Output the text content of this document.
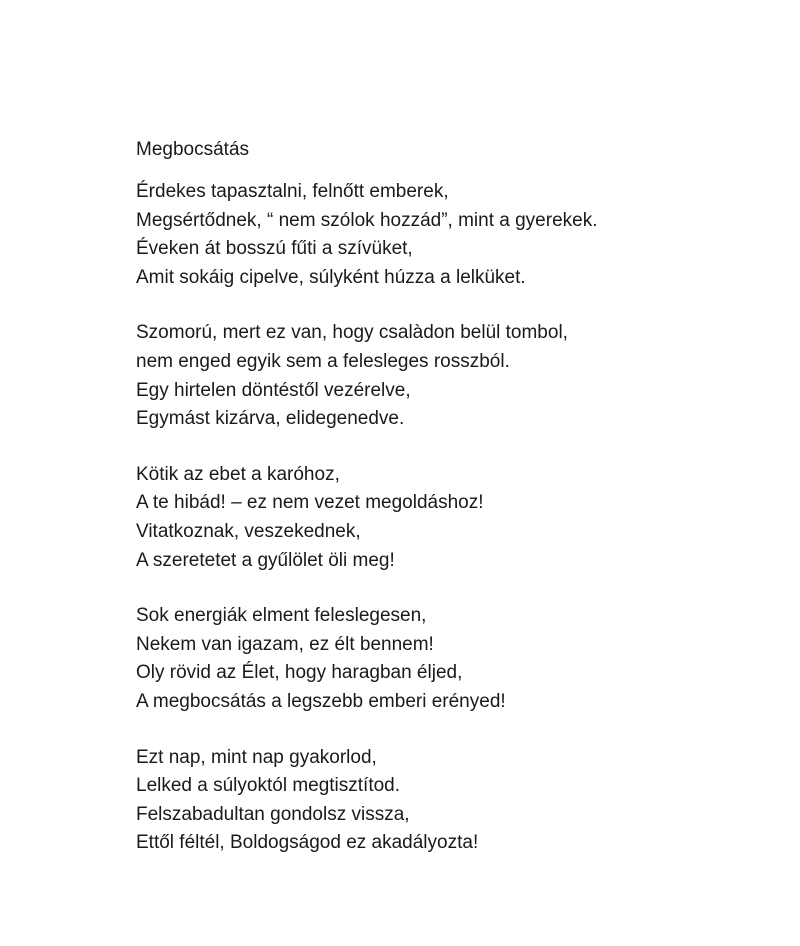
Megbocsátás
Érdekes tapasztalni, felnőtt emberek,
Megsértődnek, “ nem szólok hozzád”, mint a gyerekek.
Éveken át bosszú fűti a szívüket,
Amit sokáig cipelve, súlyként húzza a lelküket.
Szomorú, mert ez van, hogy csalàdon belül tombol,
nem enged egyik sem a felesleges rosszból.
Egy hirtelen döntéstől vezérelve,
Egymást kizárva, elidegenedve.
Kötik az ebet a karóhoz,
A te hibád! – ez nem vezet megoldáshoz!
Vitatkoznak, veszekednek,
A szeretetet a gyűlölet öli meg!
Sok energiák elment feleslegesen,
Nekem van igazam, ez élt bennem!
Oly rövid az Élet, hogy haragban éljed,
A megbocsátás a legszebb emberi erényed!
Ezt nap, mint nap gyakorlod,
Lelked a súlyoktól megtisztítod.
Felszabadultan gondolsz vissza,
Ettől féltél, Boldogságod ez akadályozta!
